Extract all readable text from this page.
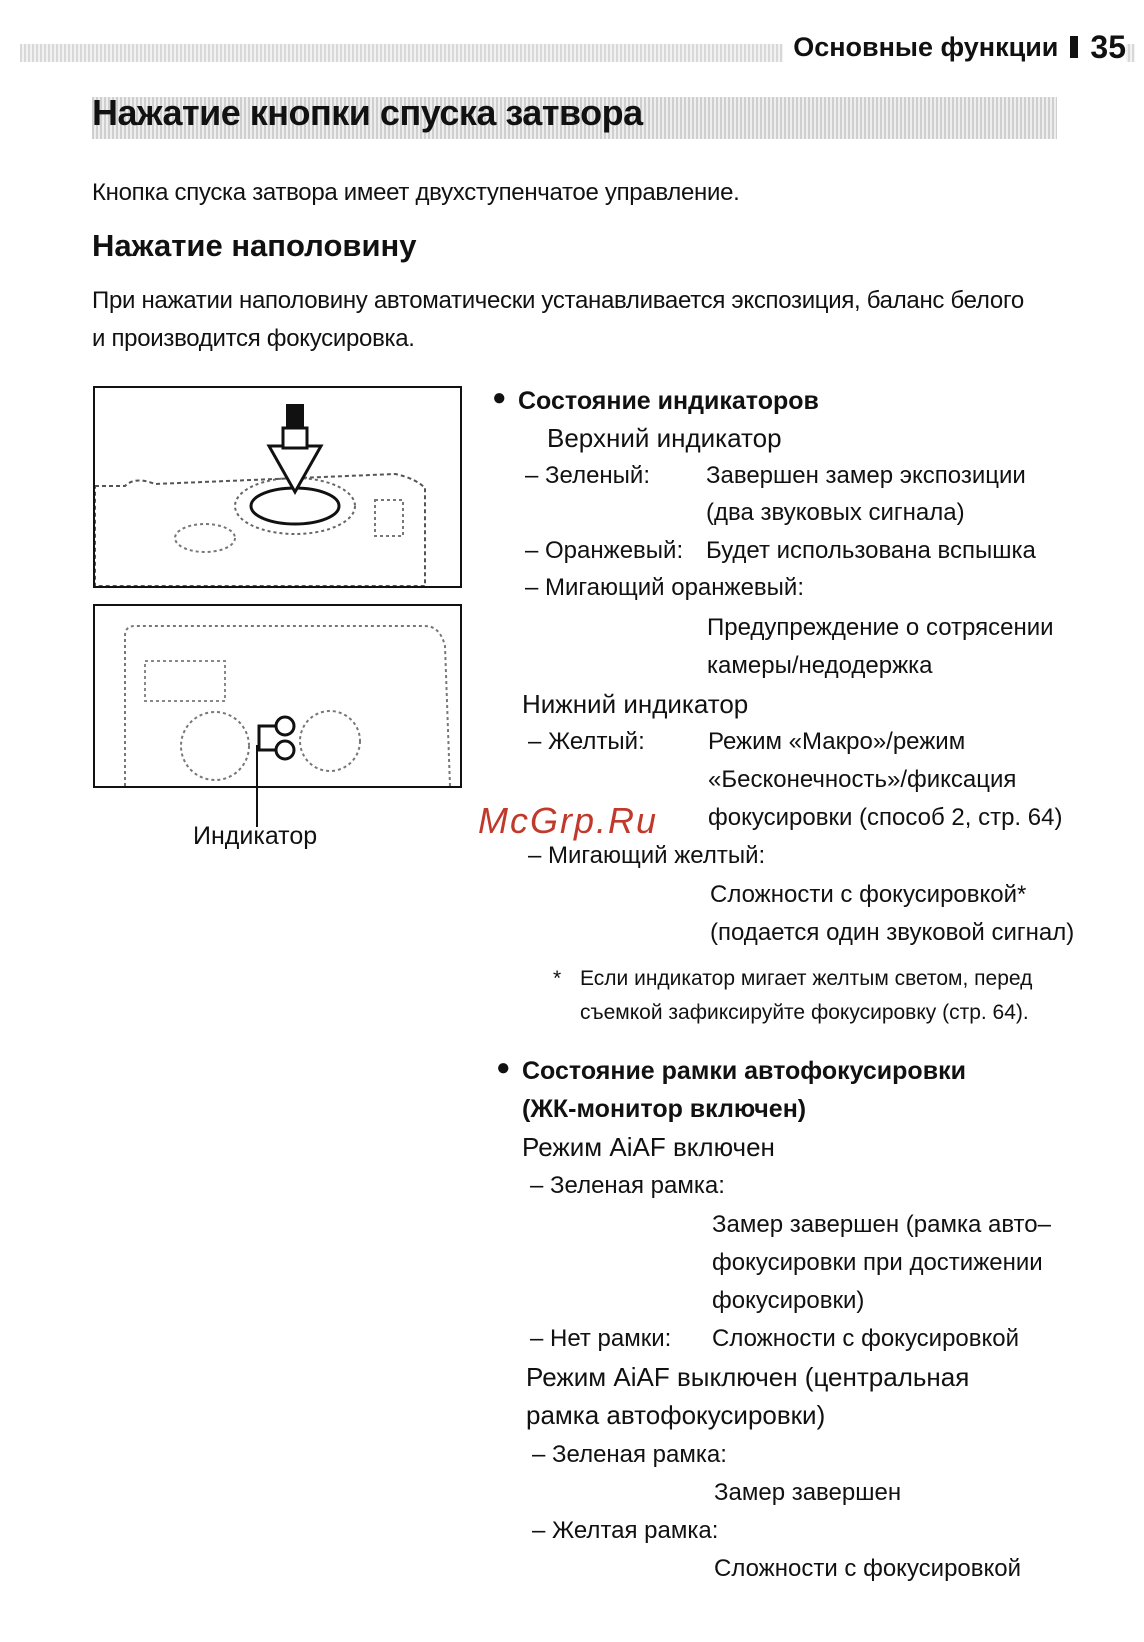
Основные функции 35
Нажатие кнопки спуска затвора
Кнопка спуска затвора имеет двухступенчатое управление.
Нажатие наполовину
При нажатии наполовину автоматически устанавливается экспозиция, баланс белого
и производится фокусировка.
Индикатор	McGrp.Ru
● Состояние индикаторов
Верхний индикатор
– Зеленый: Завершен замер экспозиции
(два звуковых сигнала)
– Оранжевый: Будет использована вспышка
– Мигающий оранжевый:
Предупреждение о сотрясении
камеры/недодержка
Нижний индикатор
– Желтый:	Режим «Макро»/режим
«Бесконечность»/фиксация
фокусировки (способ 2, стр. 64)
– Мигающий желтый:
Сложности с фокусировкой*
(подается один звуковой сигнал)
* Если индикатор мигает желтым светом, перед
съемкой зафиксируйте фокусировку (стр. 64).
● Состояние рамки автофокусировки
(ЖК-монитор включен)
Режим AiAF включен
– Зеленая рамка:
Замер завершен (рамка авто–
фокусировки при достижении
фокусировки)
– Нет рамки: Сложности с фокусировкой
Режим AiAF выключен (центральная
рамка автофокусировки)
– Зеленая рамка:
Замер завершен
– Желтая рамка:
Сложности с фокусировкой
